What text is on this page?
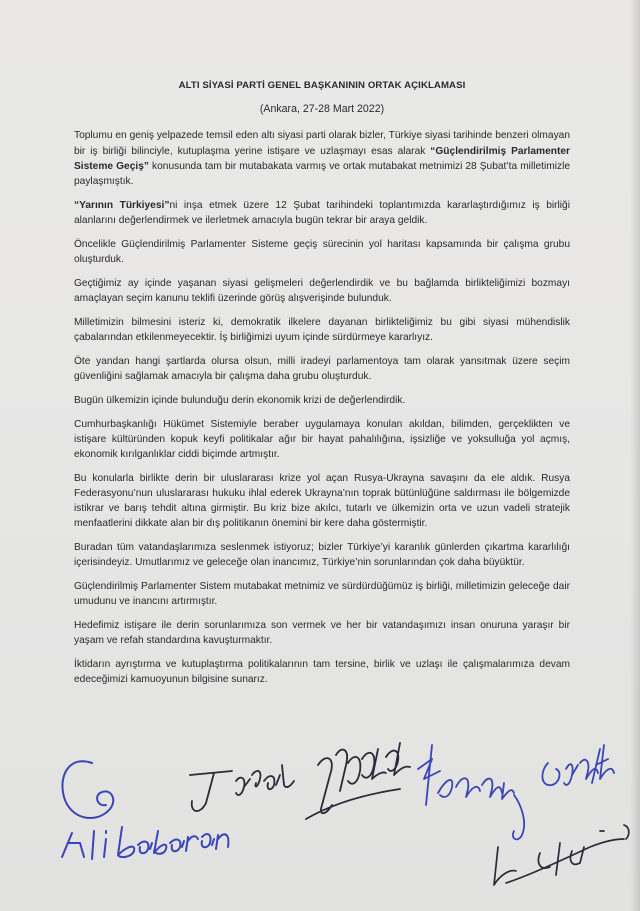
ALTI SİYASİ PARTİ GENEL BAŞKANININ ORTAK AÇIKLAMASI
(Ankara, 27-28 Mart 2022)
Toplumu en geniş yelpazede temsil eden altı siyasi parti olarak bizler, Türkiye siyasi tarihinde benzeri olmayan bir iş birliği bilinciyle, kutuplaşma yerine istişare ve uzlaşmayı esas alarak “Güçlendirilmiş Parlamenter Sisteme Geçiş” konusunda tam bir mutabakata varmış ve ortak mutabakat metnimizi 28 Şubat’ta milletimizle paylaşmıştık.
“Yarının Türkiyesi”ni inşa etmek üzere 12 Şubat tarihindeki toplantımızda kararlaştırdığımız iş birliği alanlarını değerlendirmek ve ilerletmek amacıyla bugün tekrar bir araya geldik.
Öncelikle Güçlendirilmiş Parlamenter Sisteme geçiş sürecinin yol haritası kapsamında bir çalışma grubu oluşturduk.
Geçtiğimiz ay içinde yaşanan siyasi gelişmeleri değerlendirdik ve bu bağlamda birlikteliğimizi bozmayı amaçlayan seçim kanunu teklifi üzerinde görüş alışverişinde bulunduk.
Milletimizin bilmesini isteriz ki, demokratik ilkelere dayanan birlikteliğimiz bu gibi siyasi mühendislik çabalarından etkilenmeyecektir. İş birliğimizi uyum içinde sürdürmeye kararlıyız.
Öte yandan hangi şartlarda olursa olsun, milli iradeyi parlamentoya tam olarak yansıtmak üzere seçim güvenliğini sağlamak amacıyla bir çalışma daha grubu oluşturduk.
Bugün ülkemizin içinde bulunduğu derin ekonomik krizi de değerlendirdik.
Cumhurbaşkanlığı Hükümet Sistemiyle beraber uygulamaya konulan akıldan, bilimden, gerçeklikten ve istişare kültüründen kopuk keyfi politikalar ağır bir hayat pahalılığına, işsizliğe ve yoksulluğa yol açmış, ekonomik kırılganlıklar ciddi biçimde artmıştır.
Bu konularla birlikte derin bir uluslararası krize yol açan Rusya-Ukrayna savaşını da ele aldık. Rusya Federasyonu’nun uluslararası hukuku ihlal ederek Ukrayna’nın toprak bütünlüğüne saldırması ile bölgemizde istikrar ve barış tehdit altına girmiştir. Bu kriz bize akılcı, tutarlı ve ülkemizin orta ve uzun vadeli stratejik menfaatlerini dikkate alan bir dış politikanın önemini bir kere daha göstermiştir.
Buradan tüm vatandaşlarımıza seslenmek istiyoruz; bizler Türkiye’yi karanlık günlerden çıkartma kararlılığı içerisindeyiz. Umutlarımız ve geleceğe olan inancımız, Türkiye’nin sorunlarından çok daha büyüktür.
Güçlendirilmiş Parlamenter Sistem mutabakat metnimiz ve sürdürdüğümüz iş birliği, milletimizin geleceğe dair umudunu ve inancını artırmıştır.
Hedefimiz istişare ile derin sorunlarımıza son vermek ve her bir vatandaşımızı insan onuruna yaraşır bir yaşam ve refah standardına kavuşturmaktır.
İktidarın ayrıştırma ve kutuplaştırma politikalarının tam tersine, birlik ve uzlaşı ile çalışmalarımıza devam edeceğimizi kamuoyunun bilgisine sunarız.
